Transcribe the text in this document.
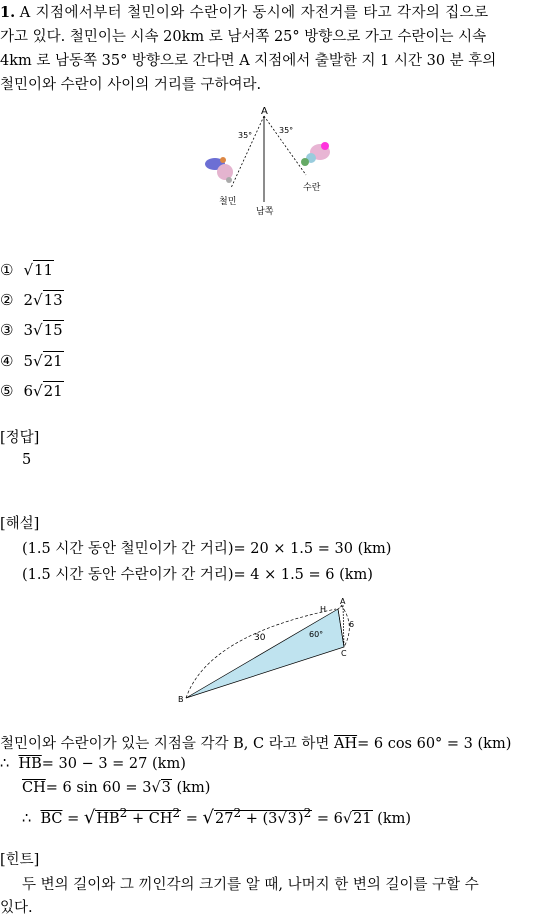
1. A 지점에서부터 철민이와 수란이가 동시에 자전거를 타고 각자의 집으로
가고 있다. 철민이는 시속 20km 로 남서쪽 25° 방향으로 가고 수란이는 시속
4km 로 남동쪽 35° 방향으로 간다면 A 지점에서 출발한 지 1 시간 30 분 후의
철민이와 수란이 사이의 거리를 구하여라.
A
35°
35°
철민
수란
남쪽
① √11
② 2√13
③ 3√15
④ 5√21
⑤ 6√21
[정답]
5
[해설]
(1.5 시간 동안 철민이가 간 거리)= 20 × 1.5 = 30 (km)
(1.5 시간 동안 수란이가 간 거리)= 4 × 1.5 = 6 (km)
H
A
B
C
30
6
60°
철민이와 수란이가 있는 지점을 각각 B, C 라고 하면 $\overline{AH}= 6$ cos 60° = 3 (km)
∴ $\overline{HB}= 30 - 3 = 27$ (km)
$\overline{CH}= 6$ sin 60 = 3√3 (km)
∴ $\overline{BC} = √HB^2 + \overline{CH}^2 = √27^2 + (3√3)^2 = 6√21$ (km)
[힌트]
두 변의 길이와 그 끼인각의 크기를 알 때, 나머지 한 변의 길이를 구할 수
있다.
